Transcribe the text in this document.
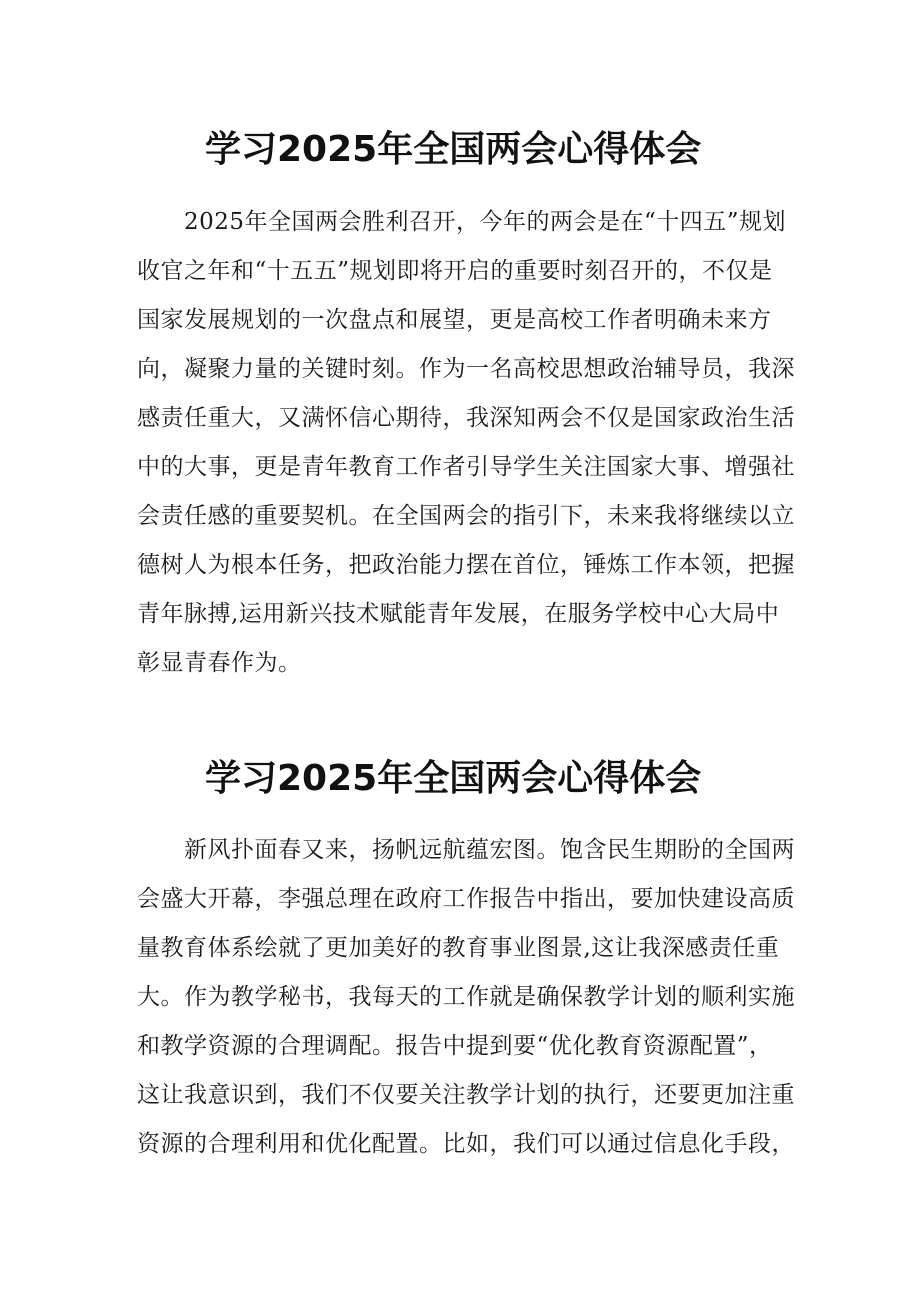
学习2025年全国两会心得体会
2025年全国两会胜利召开，今年的两会是在“十四五”规划
收官之年和“十五五”规划即将开启的重要时刻召开的，不仅是
国家发展规划的一次盘点和展望，更是高校工作者明确未来方
向，凝聚力量的关键时刻。作为一名高校思想政治辅导员，我深
感责任重大，又满怀信心期待，我深知两会不仅是国家政治生活
中的大事，更是青年教育工作者引导学生关注国家大事、增强社
会责任感的重要契机。在全国两会的指引下，未来我将继续以立
德树人为根本任务，把政治能力摆在首位，锤炼工作本领，把握
青年脉搏,运用新兴技术赋能青年发展，在服务学校中心大局中
彰显青春作为。
学习2025年全国两会心得体会
新风扑面春又来，扬帆远航蕴宏图。饱含民生期盼的全国两
会盛大开幕，李强总理在政府工作报告中指出，要加快建设高质
量教育体系绘就了更加美好的教育事业图景,这让我深感责任重
大。作为教学秘书，我每天的工作就是确保教学计划的顺利实施
和教学资源的合理调配。报告中提到要“优化教育资源配置”，
这让我意识到，我们不仅要关注教学计划的执行，还要更加注重
资源的合理利用和优化配置。比如，我们可以通过信息化手段，
